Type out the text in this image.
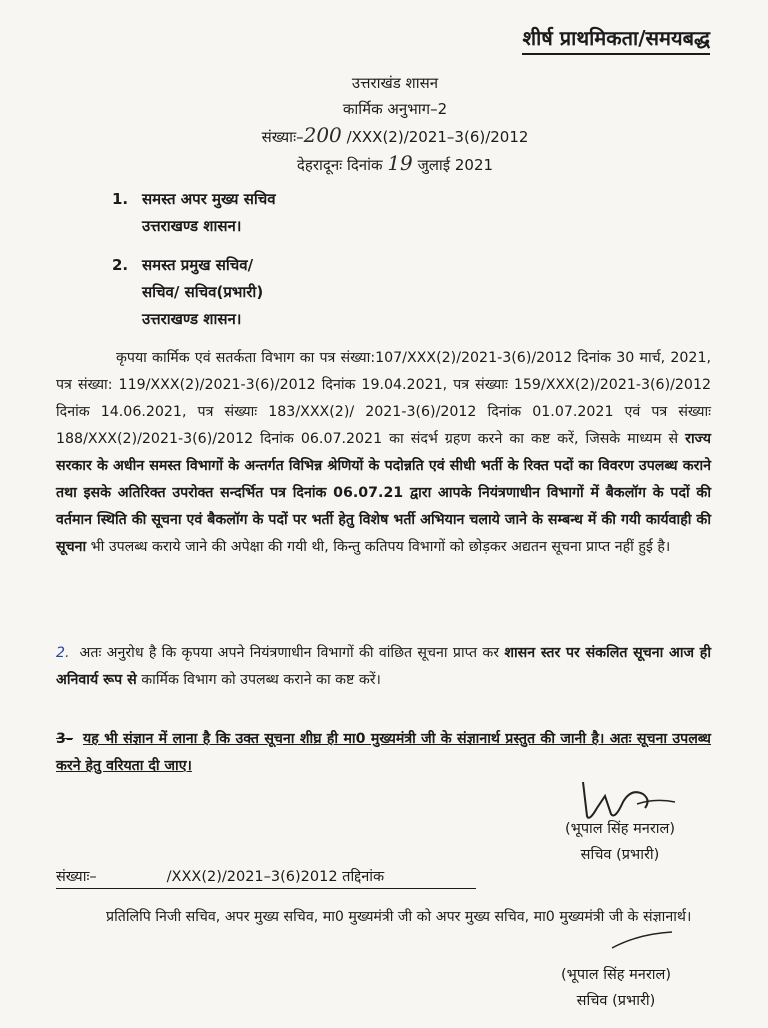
शीर्ष प्राथमिकता/समयबद्ध
उत्तराखंड शासन
कार्मिक अनुभाग–2
संख्याः–200 /XXX(2)/2021–3(6)/2012
देहरादूनः दिनांक 19 जुलाई 2021
1. समस्त अपर मुख्य सचिव
उत्तराखण्ड शासन।
2. समस्त प्रमुख सचिव/
सचिव/ सचिव(प्रभारी)
उत्तराखण्ड शासन।
कृपया कार्मिक एवं सतर्कता विभाग का पत्र संख्या:107/XXX(2)/2021-3(6)/2012 दिनांक 30 मार्च, 2021, पत्र संख्या: 119/XXX(2)/2021-3(6)/2012 दिनांक 19.04.2021, पत्र संख्याः 159/XXX(2)/2021-3(6)/2012 दिनांक 14.06.2021, पत्र संख्याः 183/XXX(2)/ 2021-3(6)/2012 दिनांक 01.07.2021 एवं पत्र संख्याः 188/XXX(2)/2021-3(6)/2012 दिनांक 06.07.2021 का संदर्भ ग्रहण करने का कष्ट करें, जिसके माध्यम से राज्य सरकार के अधीन समस्त विभागों के अन्तर्गत विभिन्न श्रेणियों के पदोन्नति एवं सीधी भर्ती के रिक्त पदों का विवरण उपलब्ध कराने तथा इसके अतिरिक्त उपरोक्त सन्दर्भित पत्र दिनांक 06.07.21 द्वारा आपके नियंत्रणाधीन विभागों में बैकलॉग के पदों की वर्तमान स्थिति की सूचना एवं बैकलॉग के पदों पर भर्ती हेतु विशेष भर्ती अभियान चलाये जाने के सम्बन्ध में की गयी कार्यवाही की सूचना भी उपलब्ध कराये जाने की अपेक्षा की गयी थी, किन्तु कतिपय विभागों को छोड़कर अद्यतन सूचना प्राप्त नहीं हुई है।
2. अतः अनुरोध है कि कृपया अपने नियंत्रणाधीन विभागों की वांछित सूचना प्राप्त कर शासन स्तर पर संकलित सूचना आज ही अनिवार्य रूप से कार्मिक विभाग को उपलब्ध कराने का कष्ट करें।
3– यह भी संज्ञान में लाना है कि उक्त सूचना शीघ्र ही मा0 मुख्यमंत्री जी के संज्ञानार्थ प्रस्तुत की जानी है। अतः सूचना उपलब्ध करने हेतु वरियता दी जाए।
(भूपाल सिंह मनराल)
सचिव (प्रभारी)
संख्याः–	/XXX(2)/2021–3(6)2012 तद्दिनांक
प्रतिलिपि निजी सचिव, अपर मुख्य सचिव, मा0 मुख्यमंत्री जी को अपर मुख्य सचिव, मा0 मुख्यमंत्री जी के संज्ञानार्थ।
(भूपाल सिंह मनराल)
सचिव (प्रभारी)
